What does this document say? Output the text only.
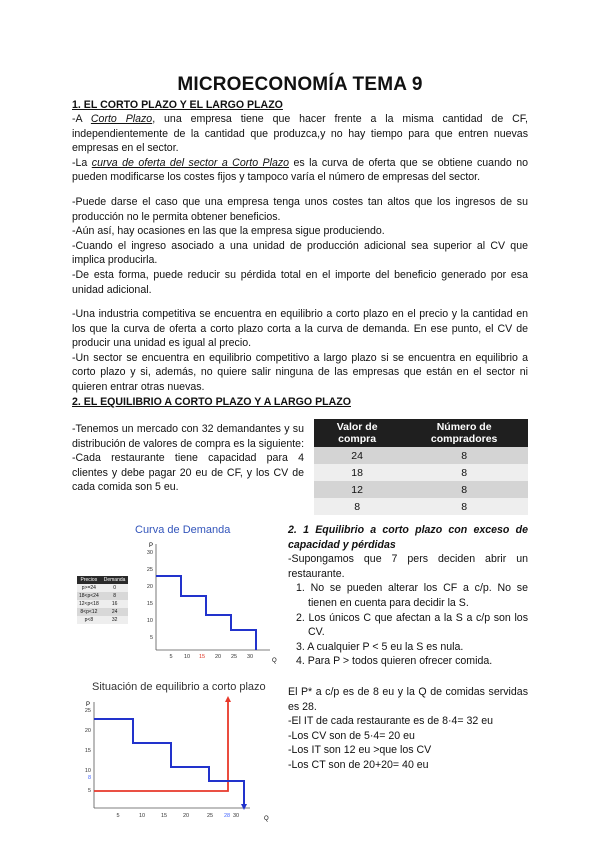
MICROECONOMÍA TEMA 9
1. EL CORTO PLAZO Y EL LARGO PLAZO

-A Corto Plazo, una empresa tiene que hacer frente a la misma cantidad de CF, independientemente de la cantidad que produzca,y no hay tiempo para que entren nuevas empresas en el sector.

-La curva de oferta del sector a Corto Plazo es la curva de oferta que se obtiene cuando no pueden modificarse los costes fijos y tampoco varía el número de empresas del sector.

-Puede darse el caso que una empresa tenga unos costes tan altos que los ingresos de su producción no le permita obtener beneficios.

-Aún así, hay ocasiones en las que la empresa sigue produciendo.

-Cuando el ingreso asociado a una unidad de producción adicional sea superior al CV que implica producirla.

-De esta forma, puede reducir su pérdida total en el importe del beneficio generado por esa unidad adicional.

-Una industria competitiva se encuentra en equilibrio a corto plazo en el precio y la cantidad en los que la curva de oferta a corto plazo corta a la curva de demanda. En ese punto, el CV de producir una unidad es igual al precio.

-Un sector se encuentra en equilibrio competitivo a largo plazo si se encuentra en equilibrio a corto plazo y si, además, no quiere salir ninguna de las empresas que están en el sector ni quieren entrar otras nuevas.

2. EL EQUILIBRIO A CORTO PLAZO Y A LARGO PLAZO

-Tenemos un mercado con 32 demandantes y su distribución de valores de compra es la siguiente:

-Cada restaurante tiene capacidad para 4 clientes y debe pagar 20 eu de CF, y los CV de cada comida son 5 eu.

Valor de compra	Número de compradores
24	8
18	8
12	8
8	8
Curva de Demanda
P
Q
5
10
15
20
25
30
5 10 15 20 25 30
Precios	Demanda
p>=24	0
18<p<24	8
12<p<18	16
8<p<12	24
p<8	32
Situación de equilibrio a corto plazo
P
Q
5
10
15
20
25
8
5	10	15	20	25 28 30

2. 1 Equilibrio a corto plazo con exceso de capacidad y pérdidas

-Supongamos que 7 pers deciden abrir un restaurante.

1. No se pueden alterar los CF a c/p. No se tienen en cuenta para decidir la S.

2. Los únicos C que afectan a la S a c/p son los CV.

3. A cualquier P < 5 eu la S es nula.

4. Para P > todos quieren ofrecer comida.

El P* a c/p es de 8 eu y la Q de comidas servidas es 28.

-El IT de cada restaurante es de 8·4= 32 eu

-Los CV son de 5·4= 20 eu

-Los IT son 12 eu >que los CV

-Los CT son de 20+20= 40 eu
